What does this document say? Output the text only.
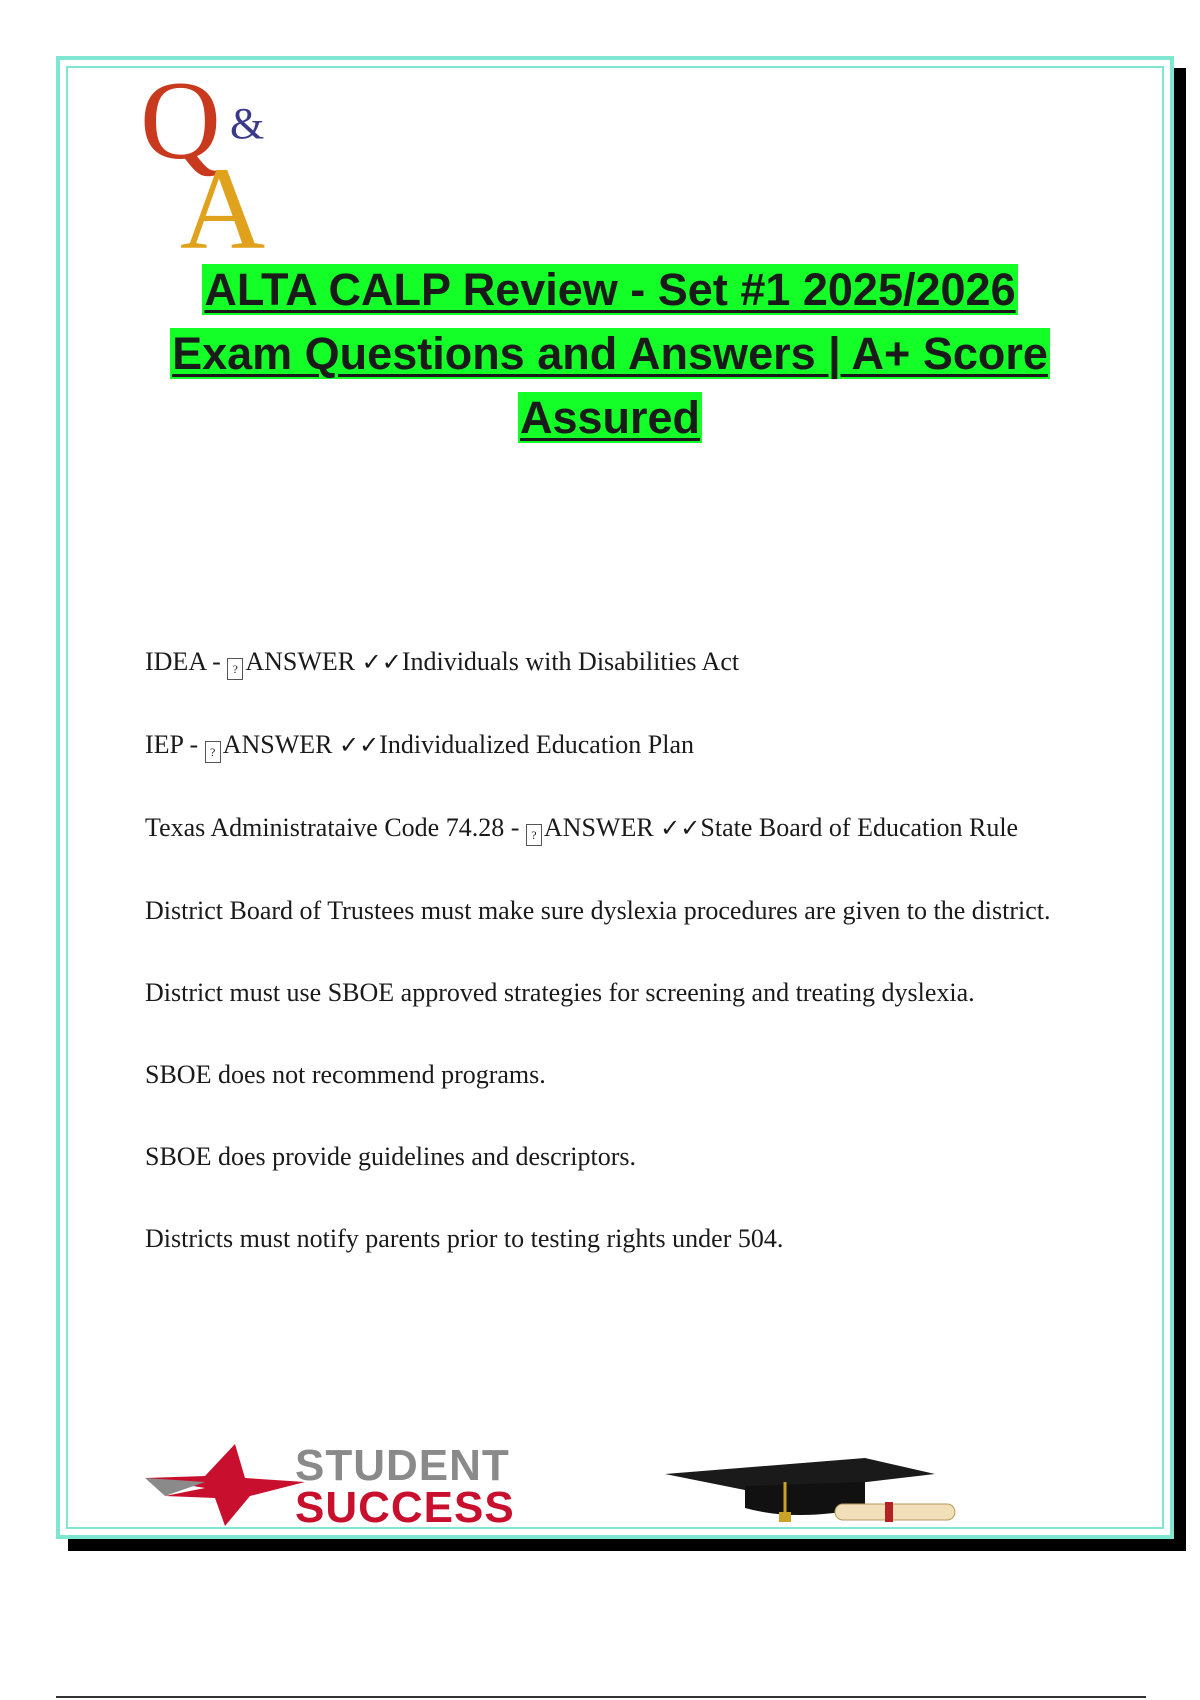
Q &
A
ALTA CALP Review - Set #1 2025/2026
Exam Questions and Answers | A+ Score
Assured

IDEA - ? ANSWER ✓✓Individuals with Disabilities Act

IEP - ? ANSWER ✓✓Individualized Education Plan

Texas Administrataive Code 74.28 - ? ANSWER ✓✓State Board of Education Rule

District Board of Trustees must make sure dyslexia procedures are given to the district.

District must use SBOE approved strategies for screening and treating dyslexia.

SBOE does not recommend programs.

SBOE does provide guidelines and descriptors.

Districts must notify parents prior to testing rights under 504.

STUDENT
SUCCESS
